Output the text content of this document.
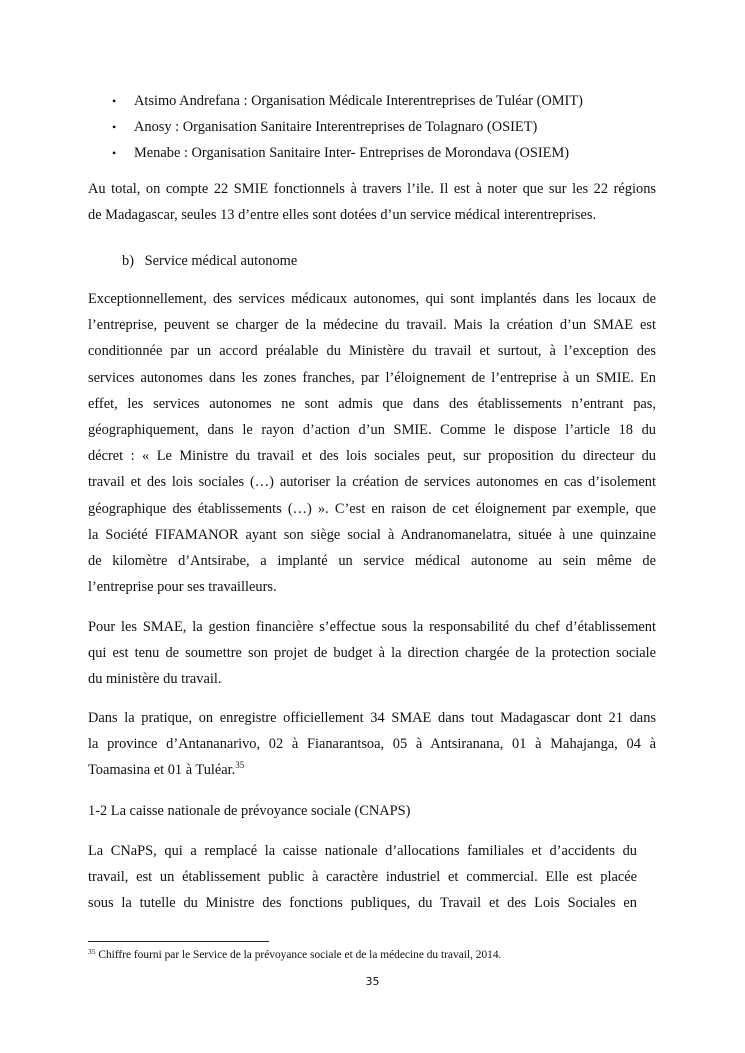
• Atsimo Andrefana : Organisation Médicale Interentreprises de Tuléar (OMIT)
• Anosy : Organisation Sanitaire Interentreprises de Tolagnaro (OSIET)
• Menabe : Organisation Sanitaire Inter- Entreprises de Morondava (OSIEM)

Au total, on compte 22 SMIE fonctionnels à travers l’ile. Il est à noter que sur les 22 régions
de Madagascar, seules 13 d’entre elles sont dotées d’un service médical interentreprises.

b) Service médical autonome

Exceptionnellement, des services médicaux autonomes, qui sont implantés dans les locaux de
l’entreprise, peuvent se charger de la médecine du travail. Mais la création d’un SMAE est
conditionnée par un accord préalable du Ministère du travail et surtout, à l’exception des
services autonomes dans les zones franches, par l’éloignement de l’entreprise à un SMIE. En
effet, les services autonomes ne sont admis que dans des établissements n’entrant pas,
géographiquement, dans le rayon d’action d’un SMIE. Comme le dispose l’article 18 du
décret : « Le Ministre du travail et des lois sociales peut, sur proposition du directeur du
travail et des lois sociales (…) autoriser la création de services autonomes en cas d’isolement
géographique des établissements (…) ». C’est en raison de cet éloignement par exemple, que
la Société FIFAMANOR ayant son siège social à Andranomanelatra, située à une quinzaine
de kilomètre d’Antsirabe, a implanté un service médical autonome au sein même de
l’entreprise pour ses travailleurs.

Pour les SMAE, la gestion financière s’effectue sous la responsabilité du chef d’établissement
qui est tenu de soumettre son projet de budget à la direction chargée de la protection sociale
du ministère du travail.

Dans la pratique, on enregistre officiellement 34 SMAE dans tout Madagascar dont 21 dans
la province d’Antananarivo, 02 à Fianarantsoa, 05 à Antsiranana, 01 à Mahajanga, 04 à
Toamasina et 01 à Tuléar.$^{35}$

1-2 La caisse nationale de prévoyance sociale (CNAPS)

La CNaPS, qui a remplacé la caisse nationale d’allocations familiales et d’accidents du
travail, est un établissement public à caractère industriel et commercial. Elle est placée
sous la tutelle du Ministre des fonctions publiques, du Travail et des Lois Sociales en

$^{35}$ Chiffre fourni par le Service de la prévoyance sociale et de la médecine du travail, 2014.
35
